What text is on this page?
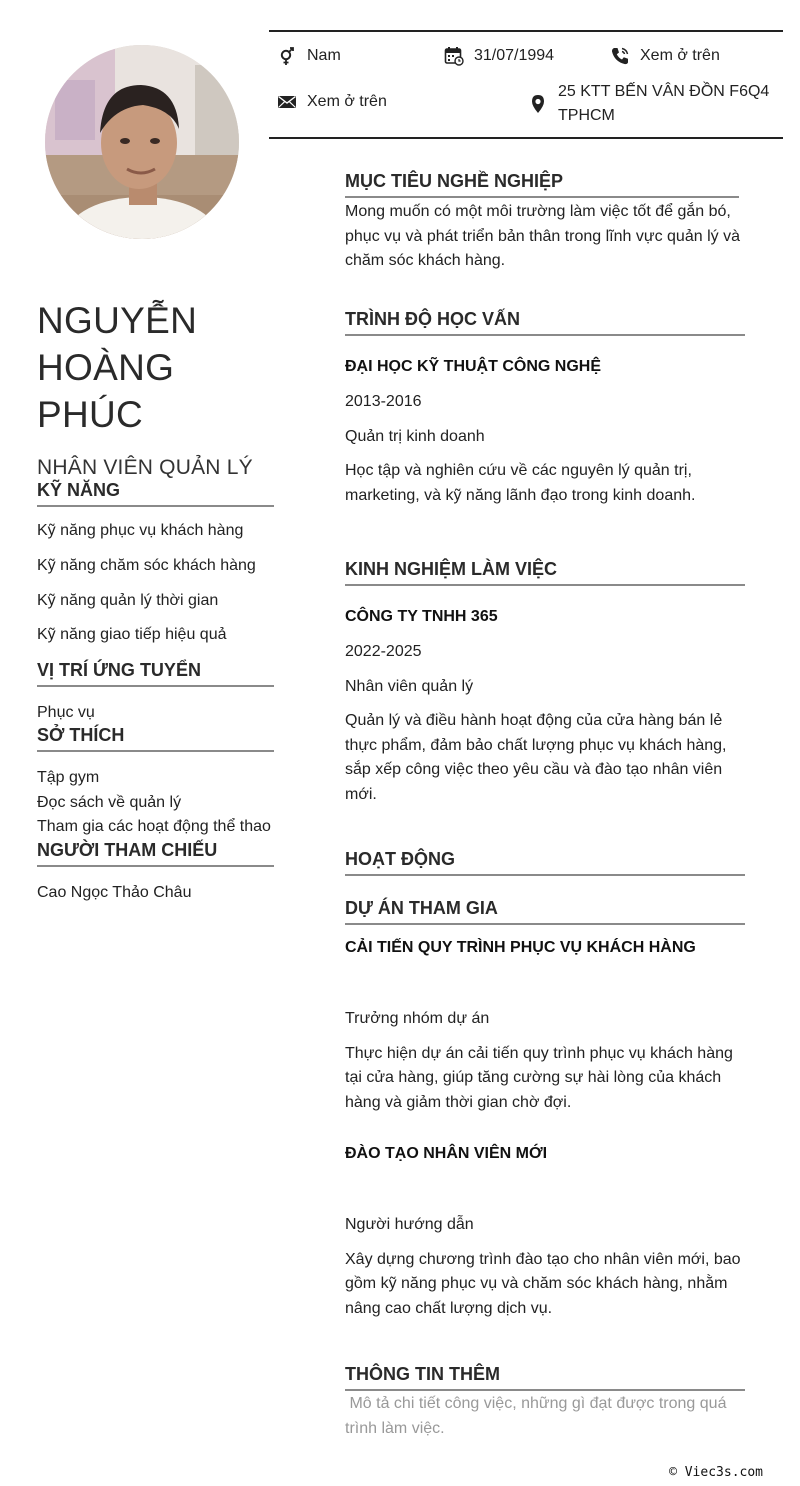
Nam	31/07/1994	Xem ở trên
Xem ở trên
25 KTT BẾN VÂN ĐỒN F6Q4
TPHCM
NGUYỄN
HOÀNG PHÚC
NHÂN VIÊN QUẢN LÝ
KỸ NĂNG
Kỹ năng phục vụ khách hàng
Kỹ năng chăm sóc khách hàng
Kỹ năng quản lý thời gian
Kỹ năng giao tiếp hiệu quả
VỊ TRÍ ỨNG TUYỂN
Phục vụ
SỞ THÍCH
Tập gym
Đọc sách về quản lý
Tham gia các hoạt động thể thao
NGƯỜI THAM CHIẾU
Cao Ngọc Thảo Châu
MỤC TIÊU NGHỀ NGHIỆP
Mong muốn có một môi trường làm việc tốt để gắn bó, phục vụ và phát triển bản thân trong lĩnh vực quản lý và chăm sóc khách hàng.
TRÌNH ĐỘ HỌC VẤN
ĐẠI HỌC KỸ THUẬT CÔNG NGHỆ
2013-2016
Quản trị kinh doanh
Học tập và nghiên cứu về các nguyên lý quản trị, marketing, và kỹ năng lãnh đạo trong kinh doanh.
KINH NGHIỆM LÀM VIỆC
CÔNG TY TNHH 365
2022-2025
Nhân viên quản lý
Quản lý và điều hành hoạt động của cửa hàng bán lẻ thực phẩm, đảm bảo chất lượng phục vụ khách hàng, sắp xếp công việc theo yêu cầu và đào tạo nhân viên mới.
HOẠT ĐỘNG
DỰ ÁN THAM GIA
CẢI TIẾN QUY TRÌNH PHỤC VỤ KHÁCH HÀNG
Trưởng nhóm dự án
Thực hiện dự án cải tiến quy trình phục vụ khách hàng tại cửa hàng, giúp tăng cường sự hài lòng của khách hàng và giảm thời gian chờ đợi.
ĐÀO TẠO NHÂN VIÊN MỚI
Người hướng dẫn
Xây dựng chương trình đào tạo cho nhân viên mới, bao gồm kỹ năng phục vụ và chăm sóc khách hàng, nhằm nâng cao chất lượng dịch vụ.
THÔNG TIN THÊM
Mô tả chi tiết công việc, những gì đạt được trong quá trình làm việc.
© Viec3s.com
